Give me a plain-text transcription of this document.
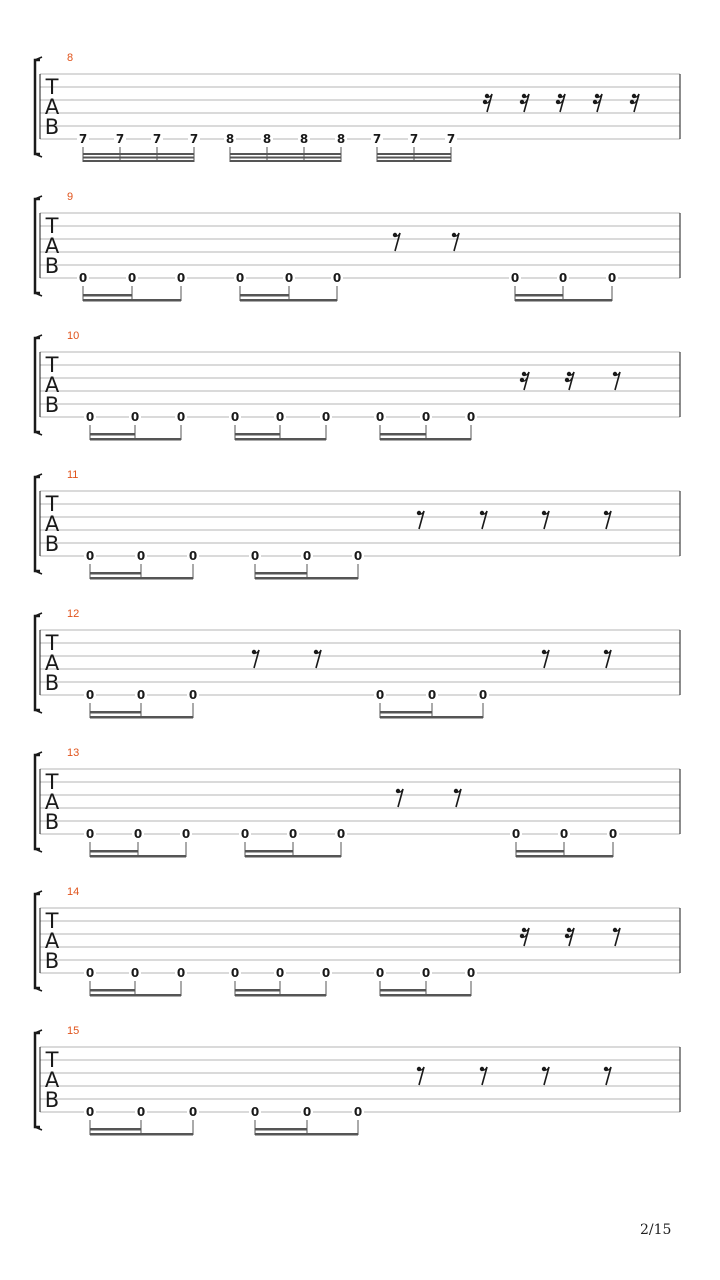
8
T
A
B 7 7 7 7 8 8 8 8 7 7 7
9
T
A
B 0	0	0	0	0	0	0	0	0
10
T
A
B 0	0	0	0	0	0	0	0	0
11
T
A
B 0	0	0	0	0	0
12
T
A
B 0	0	0	0	0	0
13
T
A
B 0	0	0	0	0	0	0	0	0
14
T
A
B 0	0	0	0	0	0	0	0	0
15
T
A
B 0	0	0	0	0	0
2/15
